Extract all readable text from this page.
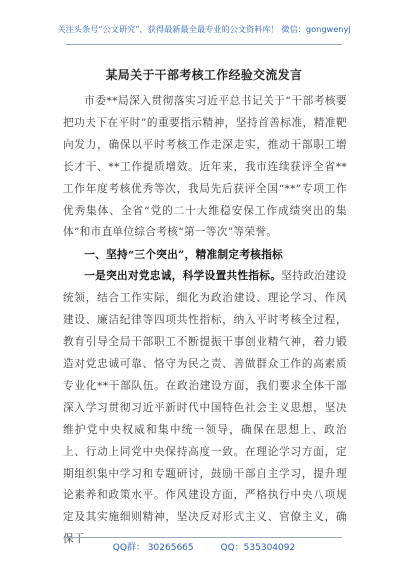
关注头条号“公文研究”，获得最新最全最专业的公文资料库！ 微信：gongwenyj
某局关于干部考核工作经验交流发言

市委**局深入贯彻落实习近平总书记关于“干部考核要把功夫下在平时”的重要指示精神，坚持首善标准，精准靶向发力，确保以平时考核工作走深走实，推动干部职工增长才干、**工作提质增效。近年来，我市连续获评全省**工作年度考核优秀等次，我局先后获评全国“**”专项工作优秀集体、全省“党的二十大维稳安保工作成绩突出的集体”和市直单位综合考核“第一等次”等荣誉。

一、坚持“三个突出”，精准制定考核指标

一是突出对党忠诚，科学设置共性指标。坚持政治建设统领，结合工作实际，细化为政治建设、理论学习、作风建设、廉洁纪律等四项共性指标，纳入平时考核全过程，教育引导全局干部职工不断提振干事创业精气神，着力锻造对党忠诚可靠、恪守为民之责、善做群众工作的高素质专业化**干部队伍。在政治建设方面，我们要求全体干部深入学习贯彻习近平新时代中国特色社会主义思想，坚决维护党中央权威和集中统一领导，确保在思想上、政治上、行动上同党中央保持高度一致。在理论学习方面，定期组织集中学习和专题研讨，鼓励干部自主学习，提升理论素养和政策水平。作风建设方面，严格执行中央八项规定及其实施细则精神，坚决反对形式主义、官僚主义，确保干

QQ群： 30265665	QQ：535304092
